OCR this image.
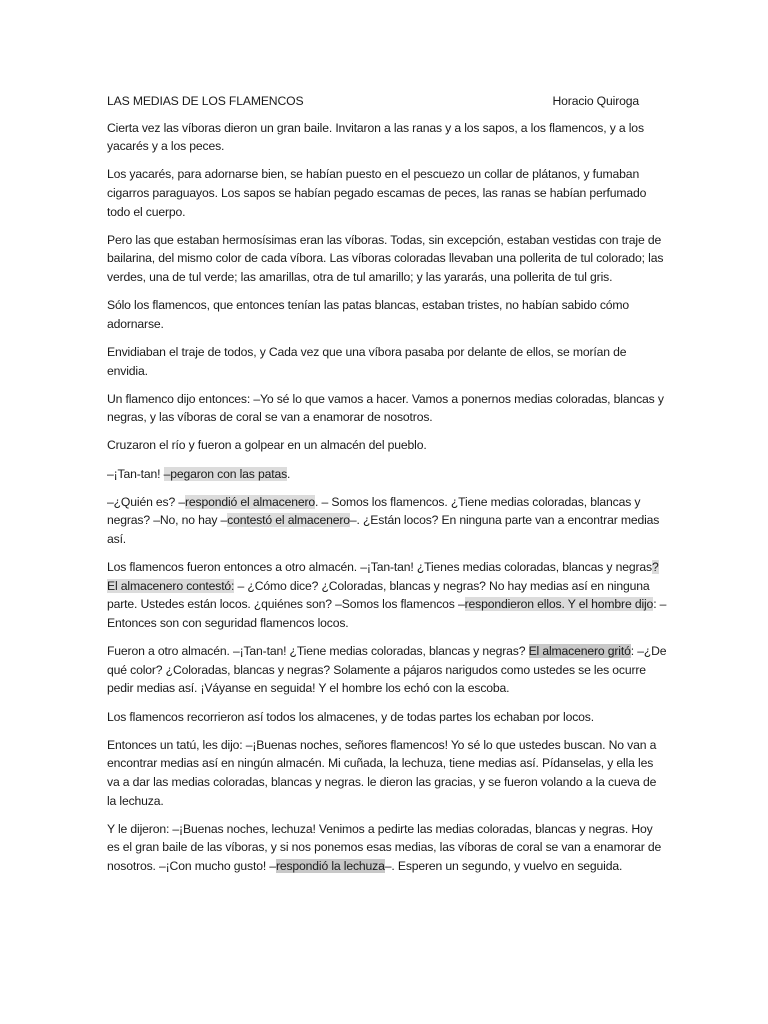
LAS MEDIAS DE LOS FLAMENCOS	Horacio Quiroga

Cierta vez las víboras dieron un gran baile. Invitaron a las ranas y a los sapos, a los flamencos, y a los yacarés y a los peces.

Los yacarés, para adornarse bien, se habían puesto en el pescuezo un collar de plátanos, y fumaban cigarros paraguayos. Los sapos se habían pegado escamas de peces, las ranas se habían perfumado todo el cuerpo.

Pero las que estaban hermosísimas eran las víboras. Todas, sin excepción, estaban vestidas con traje de bailarina, del mismo color de cada víbora. Las víboras coloradas llevaban una pollerita de tul colorado; las verdes, una de tul verde; las amarillas, otra de tul amarillo; y las yararás, una pollerita de tul gris.

Sólo los flamencos, que entonces tenían las patas blancas, estaban tristes, no habían sabido cómo adornarse.

Envidiaban el traje de todos, y Cada vez que una víbora pasaba por delante de ellos, se morían de envidia.

Un flamenco dijo entonces: –Yo sé lo que vamos a hacer. Vamos a ponernos medias coloradas, blancas y negras, y las víboras de coral se van a enamorar de nosotros.

Cruzaron el río y fueron a golpear en un almacén del pueblo.

–¡Tan-tan! –pegaron con las patas.

–¿Quién es? –respondió el almacenero. – Somos los flamencos. ¿Tiene medias coloradas, blancas y negras? –No, no hay –contestó el almacenero–. ¿Están locos? En ninguna parte van a encontrar medias así.

Los flamencos fueron entonces a otro almacén. –¡Tan-tan! ¿Tienes medias coloradas, blancas y negras? El almacenero contestó: – ¿Cómo dice? ¿Coloradas, blancas y negras? No hay medias así en ninguna parte. Ustedes están locos. ¿quiénes son? –Somos los flamencos –respondieron ellos. Y el hombre dijo: –Entonces son con seguridad flamencos locos.

Fueron a otro almacén. –¡Tan-tan! ¿Tiene medias coloradas, blancas y negras? El almacenero gritó: –¿De qué color? ¿Coloradas, blancas y negras? Solamente a pájaros narigudos como ustedes se les ocurre pedir medias así. ¡Váyanse en seguida! Y el hombre los echó con la escoba.

Los flamencos recorrieron así todos los almacenes, y de todas partes los echaban por locos.

Entonces un tatú, les dijo: –¡Buenas noches, señores flamencos! Yo sé lo que ustedes buscan. No van a encontrar medias así en ningún almacén. Mi cuñada, la lechuza, tiene medias así. Pídanselas, y ella les va a dar las medias coloradas, blancas y negras. le dieron las gracias, y se fueron volando a la cueva de la lechuza.

Y le dijeron: –¡Buenas noches, lechuza! Venimos a pedirte las medias coloradas, blancas y negras. Hoy es el gran baile de las víboras, y si nos ponemos esas medias, las víboras de coral se van a enamorar de nosotros. –¡Con mucho gusto! –respondió la lechuza–. Esperen un segundo, y vuelvo en seguida.
